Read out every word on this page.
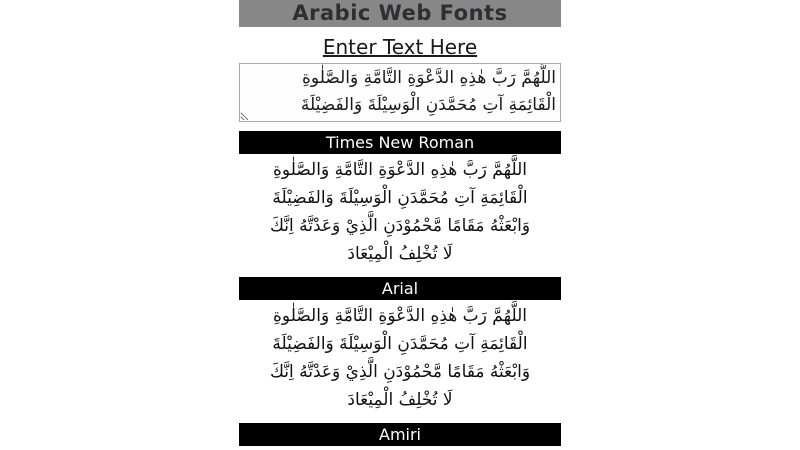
Arabic Web Fonts
Enter Text Here
اللَّهُمَّ رَبَّ هٰذِهِ الدَّعْوَةِ التَّامَّةِ وَالصَّلٰوةِ الْقَائِمَةِ آتِ مُحَمَّدَنِ الْوَسِيْلَةَ وَالفَضِيْلَةَ
Times New Roman
اللَّهُمَّ رَبَّ هٰذِهِ الدَّعْوَةِ التَّامَّةِ وَالصَّلٰوةِ
الْقَائِمَةِ آتِ مُحَمَّدَنِ الْوَسِيْلَةَ وَالفَضِيْلَةَ
وَابْعَثْهُ مَقَامًا مَّحْمُوْدَنِ الَّذِيْ وَعَدْتَّهُ اِنَّكَ
لَا تُخْلِفُ الْمِيْعَادَ
Arial
اللَّهُمَّ رَبَّ هٰذِهِ الدَّعْوَةِ التَّامَّةِ وَالصَّلٰوةِ
الْقَائِمَةِ آتِ مُحَمَّدَنِ الْوَسِيْلَةَ وَالفَضِيْلَةَ
وَابْعَثْهُ مَقَامًا مَّحْمُوْدَنِ الَّذِيْ وَعَدْتَّهُ اِنَّكَ
لَا تُخْلِفُ الْمِيْعَادَ
Amiri
